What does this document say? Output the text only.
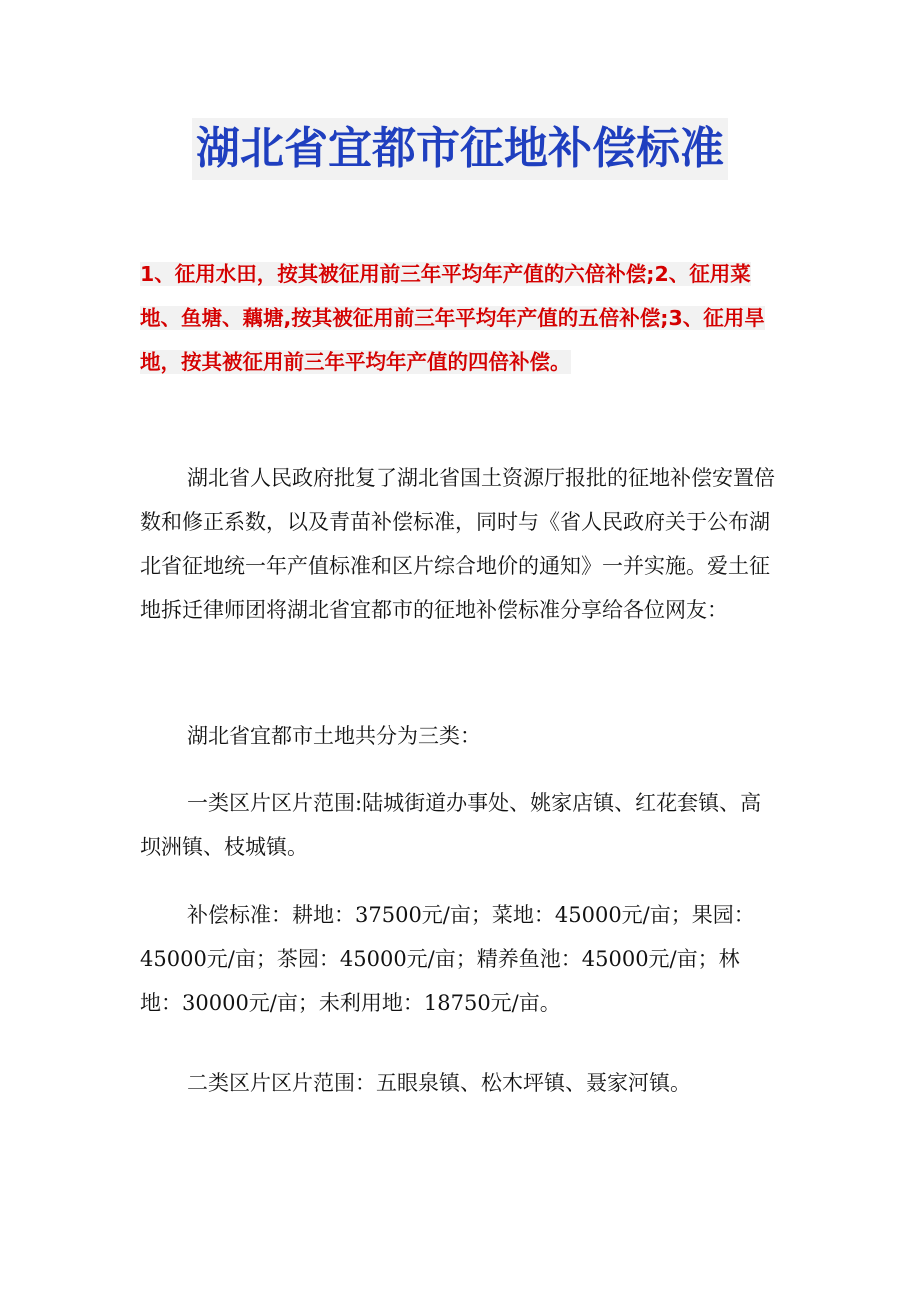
湖北省宜都市征地补偿标准
1、征用水田，按其被征用前三年平均年产值的六倍补偿;2、征用菜地、鱼塘、藕塘,按其被征用前三年平均年产值的五倍补偿;3、征用旱地，按其被征用前三年平均年产值的四倍补偿。
湖北省人民政府批复了湖北省国土资源厅报批的征地补偿安置倍数和修正系数，以及青苗补偿标准，同时与《省人民政府关于公布湖北省征地统一年产值标准和区片综合地价的通知》一并实施。爱土征地拆迁律师团将湖北省宜都市的征地补偿标准分享给各位网友：
湖北省宜都市土地共分为三类：
一类区片区片范围:陆城街道办事处、姚家店镇、红花套镇、高坝洲镇、枝城镇。
补偿标准：耕地：37500元/亩；菜地：45000元/亩；果园：45000元/亩；茶园：45000元/亩；精养鱼池：45000元/亩；林地：30000元/亩；未利用地：18750元/亩。
二类区片区片范围：五眼泉镇、松木坪镇、聂家河镇。
